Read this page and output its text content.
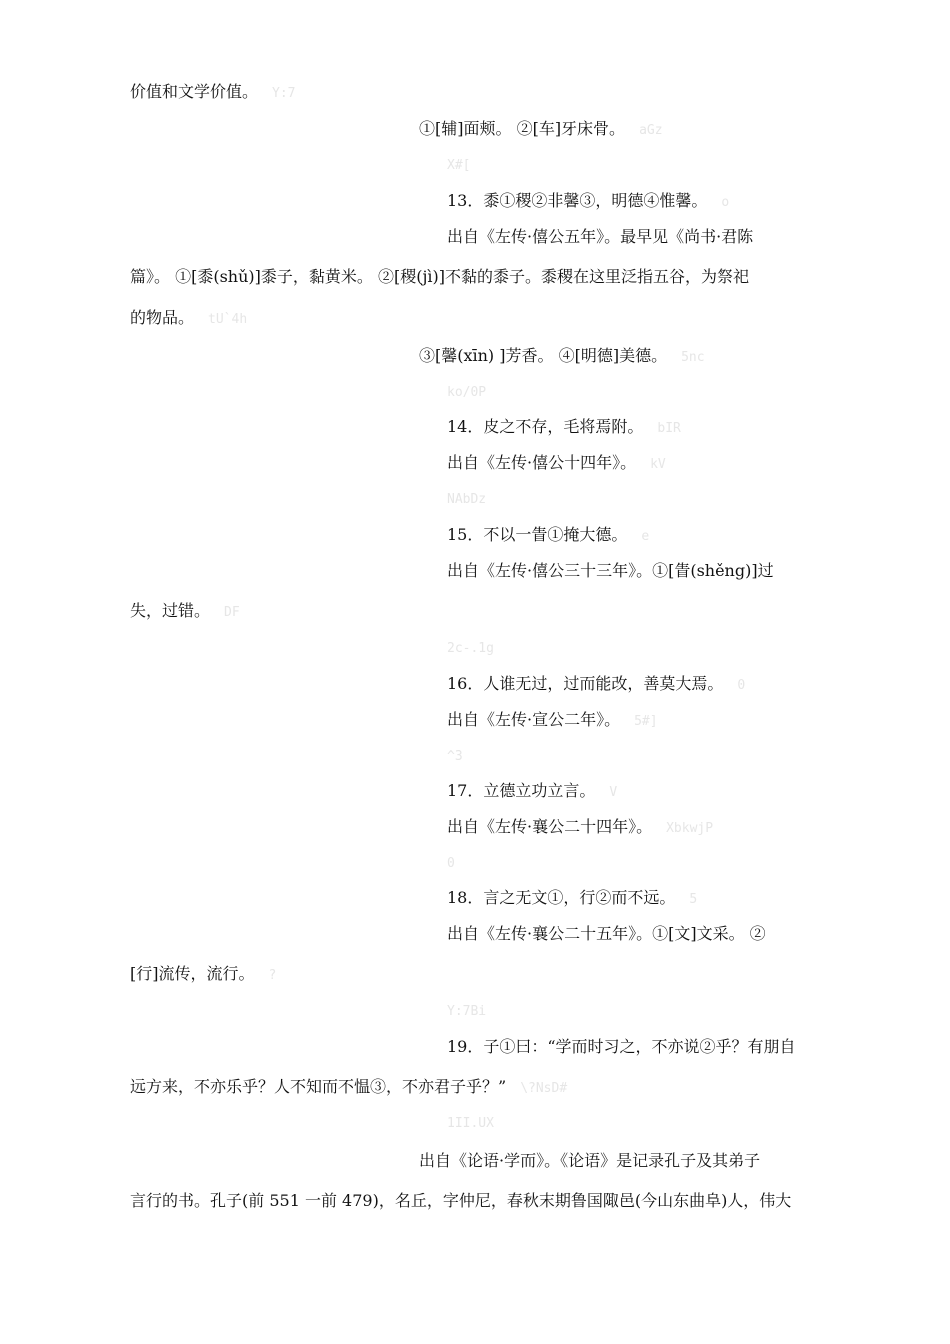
价值和文学价值。 Y:7
①[辅]面颊。 ②[车]牙床骨。 aGz
X#[
13．黍①稷②非馨③，明德④惟馨。 o
出自《左传·僖公五年》。最早见《尚书·君陈
篇》。 ①[黍(shǔ)]黍子，黏黄米。 ②[稷(jì)]不黏的黍子。黍稷在这里泛指五谷，为祭祀
的物品。 tU`4h
③[馨(xīn) ]芳香。 ④[明德]美德。 5nc
ko/0P
14．皮之不存，毛将焉附。 bIR
出自《左传·僖公十四年》。 kV
NAbDz
15．不以一眚①掩大德。 e
出自《左传·僖公三十三年》。①[眚(shěng)]过
失，过错。 DF
2c-.1g
16．人谁无过，过而能改，善莫大焉。 0
出自《左传·宣公二年》。 5#]
^3
17．立德立功立言。 V
出自《左传·襄公二十四年》。 XbkwjP
0
18．言之无文①，行②而不远。 5
出自《左传·襄公二十五年》。①[文]文采。 ②
[行]流传，流行。 ?
Y:7Bi
19．子①曰：“学而时习之，不亦说②乎？有朋自
远方来，不亦乐乎？人不知而不愠③，不亦君子乎？” \?NsD#
1II.UX
出自《论语·学而》。《论语》是记录孔子及其弟子
言行的书。孔子(前 551 一前 479)，名丘，字仲尼，春秋末期鲁国陬邑(今山东曲阜)人，伟大
